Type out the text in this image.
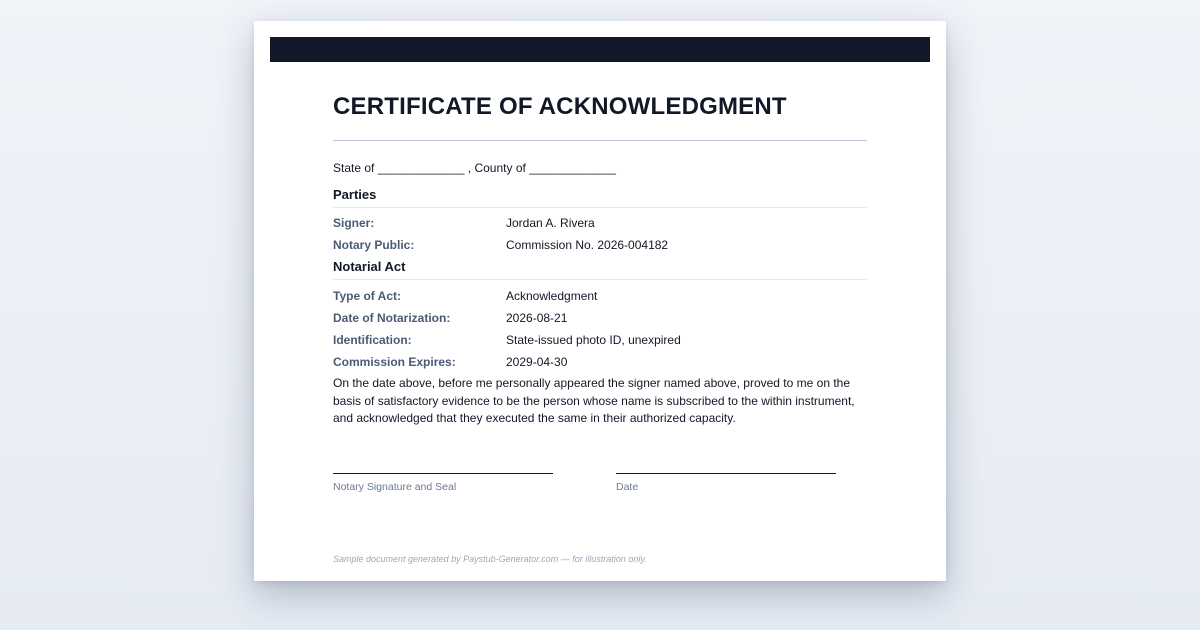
CERTIFICATE OF ACKNOWLEDGMENT
State of _____________ , County of _____________
Parties
Signer:	Jordan A. Rivera
Notary Public:	Commission No. 2026-004182
Notarial Act
Type of Act:	Acknowledgment
Date of Notarization:	2026-08-21
Identification:	State-issued photo ID, unexpired
Commission Expires:	2029-04-30

On the date above, before me personally appeared the signer named above, proved to me on the basis of satisfactory evidence to be the person whose name is subscribed to the within instrument, and acknowledged that they executed the same in their authorized capacity.

Notary Signature and Seal	Date
Sample document generated by Paystub-Generator.com — for illustration only.
